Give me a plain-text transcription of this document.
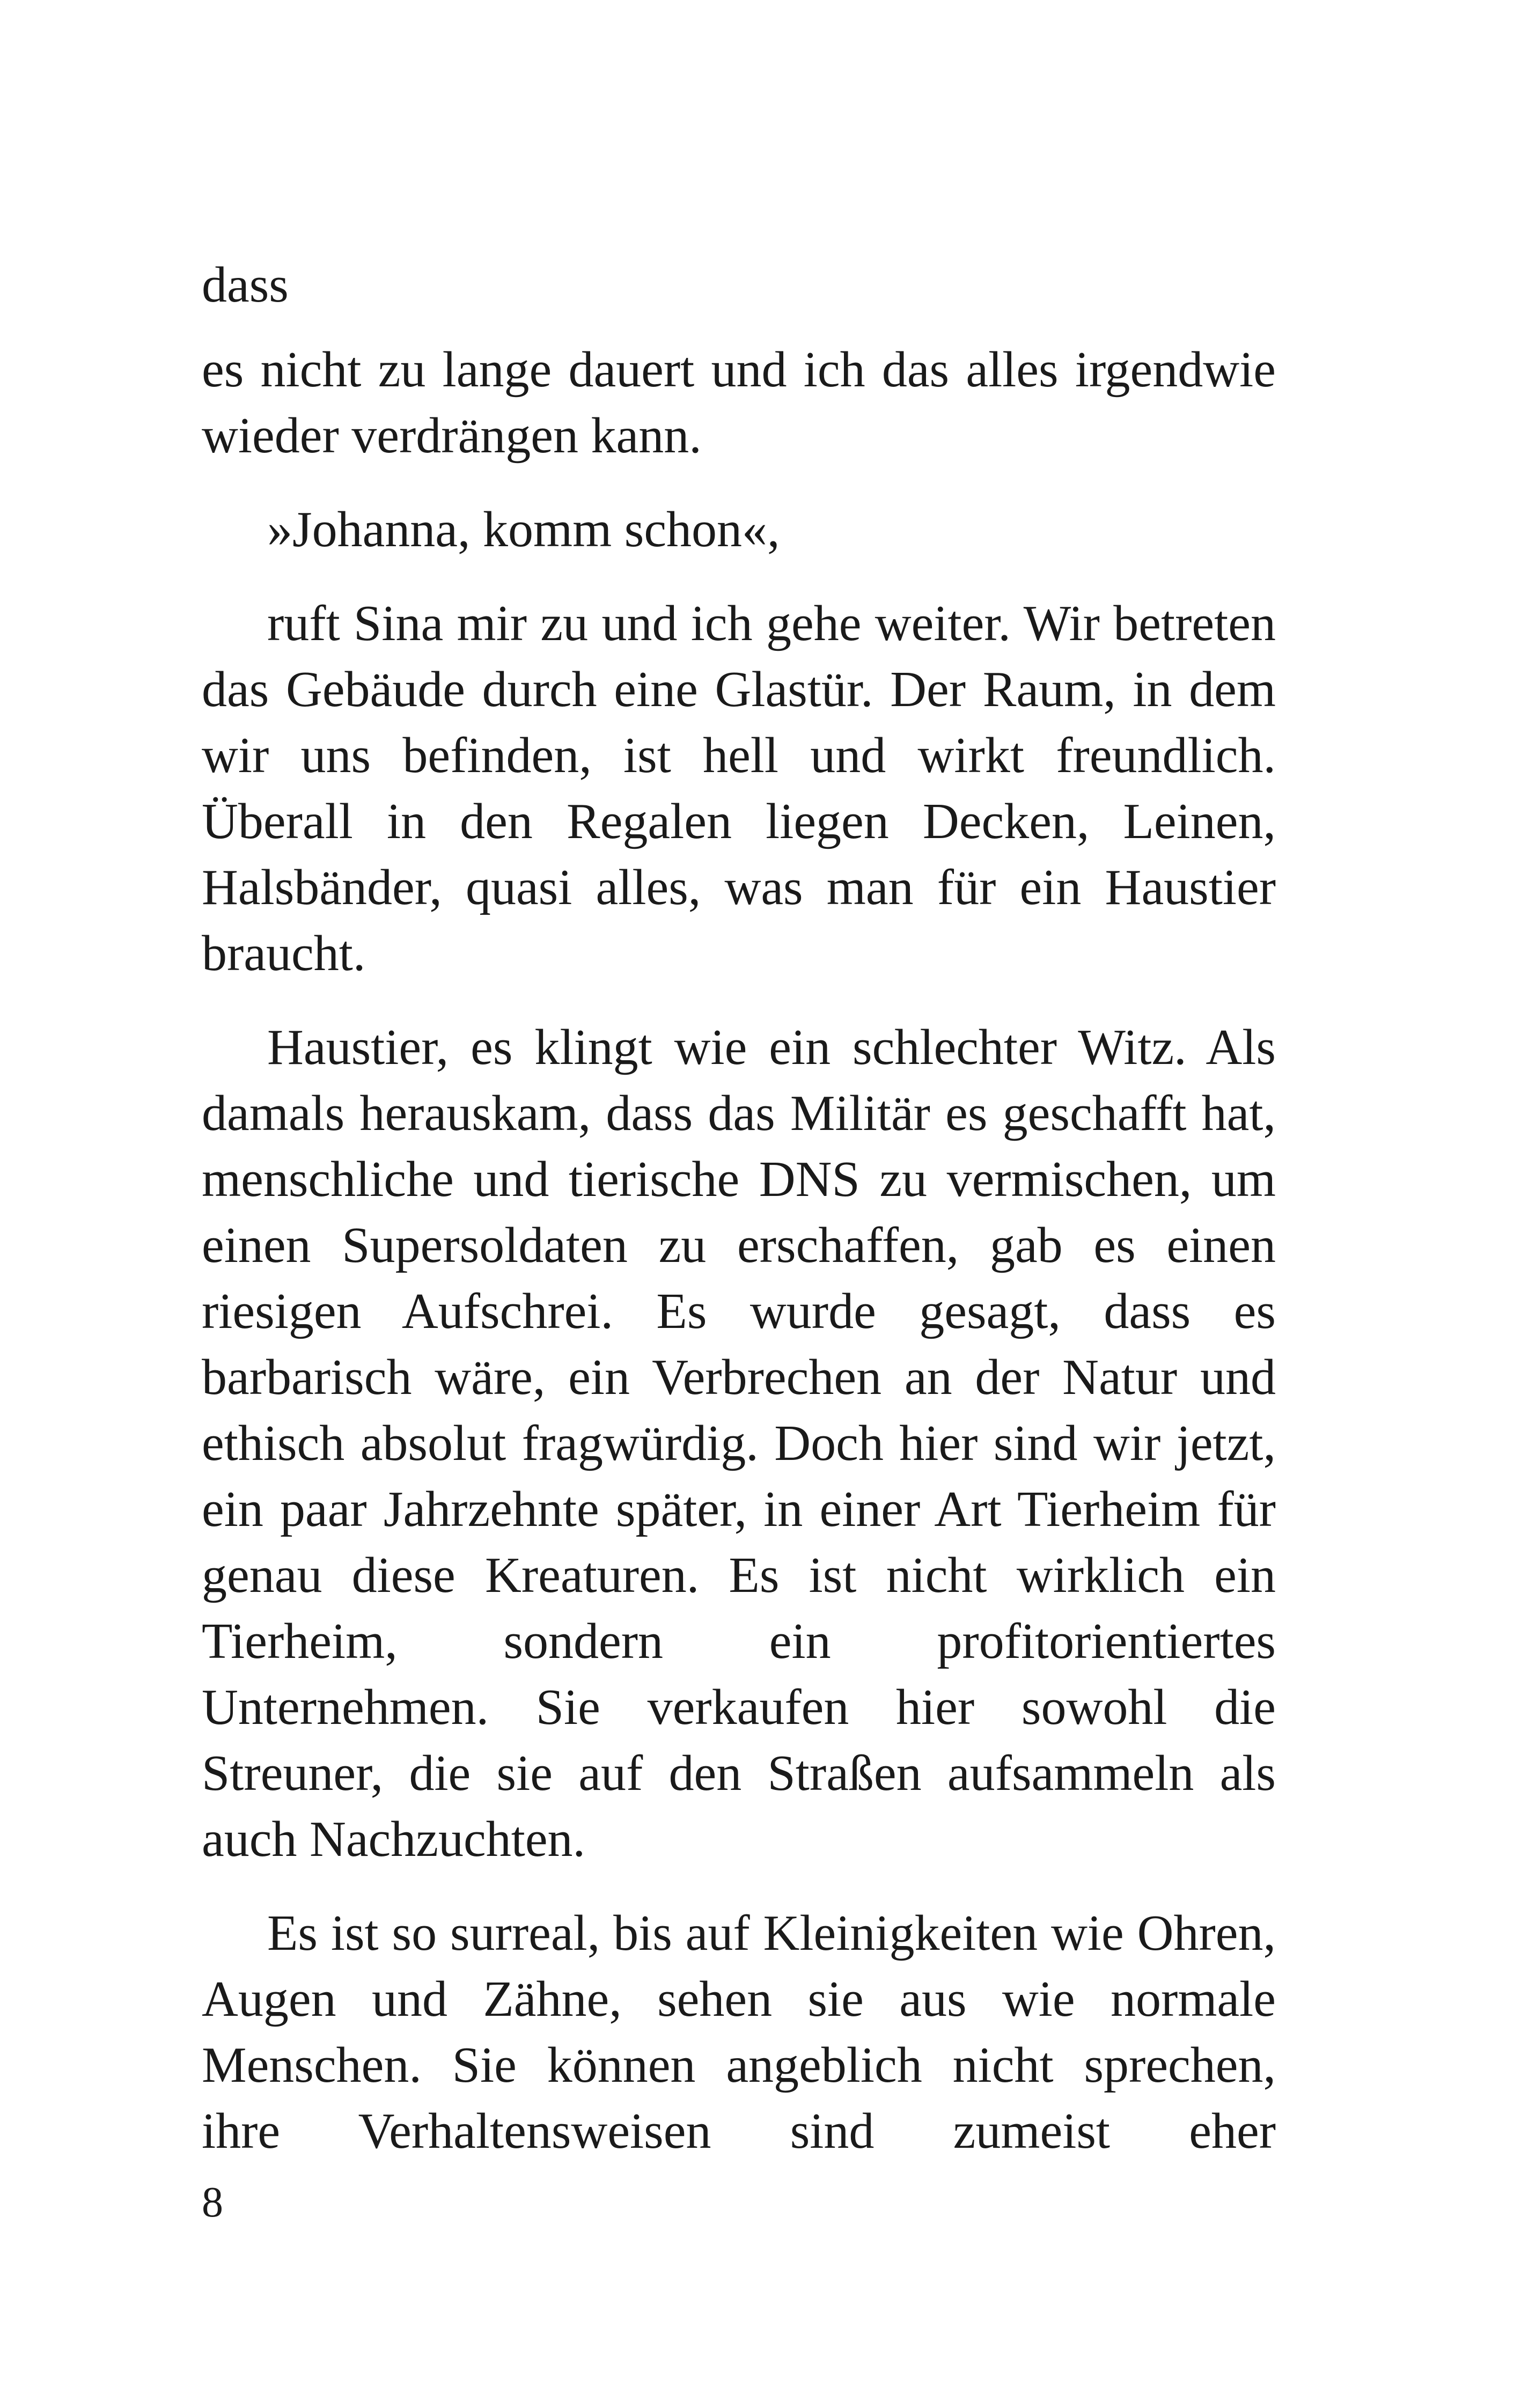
dass

es nicht zu lange dauert und ich das alles irgendwie wieder verdrängen kann.

»Johanna, komm schon«,

ruft Sina mir zu und ich gehe weiter. Wir betreten das Gebäude durch eine Glastür. Der Raum, in dem wir uns befinden, ist hell und wirkt freundlich. Überall in den Regalen liegen Decken, Leinen, Halsbänder, quasi alles, was man für ein Haustier braucht.

Haustier, es klingt wie ein schlechter Witz. Als damals herauskam, dass das Militär es geschafft hat, menschliche und tierische DNS zu vermischen, um einen Supersoldaten zu erschaffen, gab es einen riesigen Aufschrei. Es wurde gesagt, dass es barbarisch wäre, ein Verbrechen an der Natur und ethisch absolut fragwürdig. Doch hier sind wir jetzt, ein paar Jahrzehnte später, in einer Art Tierheim für genau diese Kreaturen. Es ist nicht wirklich ein Tierheim, sondern ein profitorientiertes Unternehmen. Sie verkaufen hier sowohl die Streuner, die sie auf den Straßen aufsammeln als auch Nachzuchten.

Es ist so surreal, bis auf Kleinigkeiten wie Ohren, Augen und Zähne, sehen sie aus wie normale Menschen. Sie können angeblich nicht sprechen, ihre Verhaltensweisen sind zumeist eher

8
